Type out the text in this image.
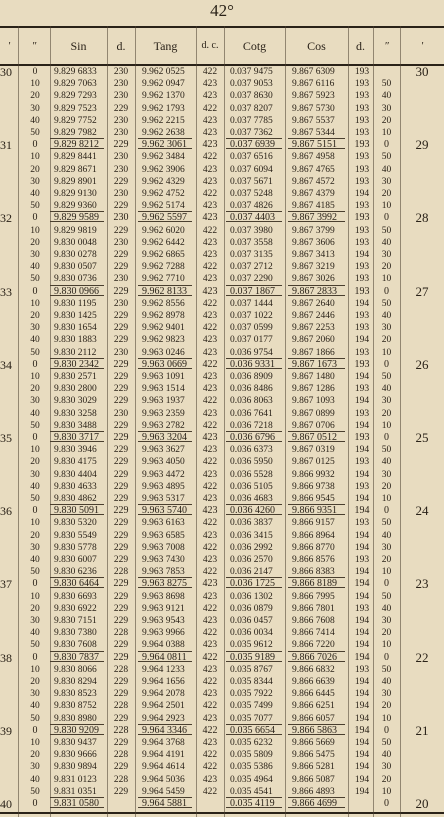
42°
′	″	Sin	d.	Tang	d. c.	Cotg	Cos	d.	″	′
30	0	9.829 6833	230	9.962 0525	422	0.037 9475	9.867 6309	193	30
10	9.829 7063	230	9.962 0947	423	0.037 9053	9.867 6116	193	50
20	9.829 7293	230	9.962 1370	423	0.037 8630	9.867 5923	193	40
30	9.829 7523	229	9.962 1793	422	0.037 8207	9.867 5730	193	30
40	9.829 7752	230	9.962 2215	423	0.037 7785	9.867 5537	193	20
50	9.829 7982	230	9.962 2638	423	0.037 7362	9.867 5344	193	10
31	0	9.829 8212	229	9.962 3061	423	0.037 6939	9.867 5151	193	0	29
10	9.829 8441	230	9.962 3484	422	0.037 6516	9.867 4958	193	50
20	9.829 8671	230	9.962 3906	423	0.037 6094	9.867 4765	193	40
30	9.829 8901	229	9.962 4329	423	0.037 5671	9.867 4572	193	30
40	9.829 9130	230	9.962 4752	422	0.037 5248	9.867 4379	194	20
50	9.829 9360	229	9.962 5174	423	0.037 4826	9.867 4185	193	10
32	0	9.829 9589	230	9.962 5597	423	0.037 4403	9.867 3992	193	0	28
10	9.829 9819	229	9.962 6020	422	0.037 3980	9.867 3799	193	50
20	9.830 0048	230	9.962 6442	423	0.037 3558	9.867 3606	193	40
30	9.830 0278	229	9.962 6865	423	0.037 3135	9.867 3413	194	30
40	9.830 0507	229	9.962 7288	422	0.037 2712	9.867 3219	193	20
50	9.830 0736	230	9.962 7710	423	0.037 2290	9.867 3026	193	10
33	0	9.830 0966	229	9.962 8133	423	0.037 1867	9.867 2833	193	0	27
10	9.830 1195	230	9.962 8556	422	0.037 1444	9.867 2640	194	50
20	9.830 1425	229	9.962 8978	423	0.037 1022	9.867 2446	193	40
30	9.830 1654	229	9.962 9401	422	0.037 0599	9.867 2253	193	30
40	9.830 1883	229	9.962 9823	423	0.037 0177	9.867 2060	194	20
50	9.830 2112	230	9.963 0246	423	0.036 9754	9.867 1866	193	10
34	0	9.830 2342	229	9.963 0669	422	0.036 9331	9.867 1673	193	0	26
10	9.830 2571	229	9.963 1091	423	0.036 8909	9.867 1480	194	50
20	9.830 2800	229	9.963 1514	423	0.036 8486	9.867 1286	193	40
30	9.830 3029	229	9.963 1937	422	0.036 8063	9.867 1093	194	30
40	9.830 3258	230	9.963 2359	423	0.036 7641	9.867 0899	193	20
50	9.830 3488	229	9.963 2782	422	0.036 7218	9.867 0706	194	10
35	0	9.830 3717	229	9.963 3204	423	0.036 6796	9.867 0512	193	0	25
10	9.830 3946	229	9.963 3627	423	0.036 6373	9.867 0319	194	50
20	9.830 4175	229	9.963 4050	422	0.036 5950	9.867 0125	193	40
30	9.830 4404	229	9.963 4472	423	0.036 5528	9.866 9932	194	30
40	9.830 4633	229	9.963 4895	422	0.036 5105	9.866 9738	193	20
50	9.830 4862	229	9.963 5317	423	0.036 4683	9.866 9545	194	10
36	0	9.830 5091	229	9.963 5740	423	0.036 4260	9.866 9351	194	0	24
10	9.830 5320	229	9.963 6163	422	0.036 3837	9.866 9157	193	50
20	9.830 5549	229	9.963 6585	423	0.036 3415	9.866 8964	194	40
30	9.830 5778	229	9.963 7008	422	0.036 2992	9.866 8770	194	30
40	9.830 6007	229	9.963 7430	423	0.036 2570	9.866 8576	193	20
50	9.830 6236	228	9.963 7853	422	0.036 2147	9.866 8383	194	10
37	0	9.830 6464	229	9.963 8275	423	0.036 1725	9.866 8189	194	0	23
10	9.830 6693	229	9.963 8698	423	0.036 1302	9.866 7995	194	50
20	9.830 6922	229	9.963 9121	422	0.036 0879	9.866 7801	193	40
30	9.830 7151	229	9.963 9543	423	0.036 0457	9.866 7608	194	30
40	9.830 7380	228	9.963 9966	422	0.036 0034	9.866 7414	194	20
50	9.830 7608	229	9.964 0388	423	0.035 9612	9.866 7220	194	10
38	0	9.830 7837	229	9.964 0811	422	0.035 9189	9.866 7026	194	0	22
10	9.830 8066	228	9.964 1233	423	0.035 8767	9.866 6832	193	50
20	9.830 8294	229	9.964 1656	422	0.035 8344	9.866 6639	194	40
30	9.830 8523	229	9.964 2078	423	0.035 7922	9.866 6445	194	30
40	9.830 8752	228	9.964 2501	422	0.035 7499	9.866 6251	194	20
50	9.830 8980	229	9.964 2923	423	0.035 7077	9.866 6057	194	10
39	0	9.830 9209	228	9.964 3346	422	0.035 6654	9.866 5863	194	0	21
10	9.830 9437	229	9.964 3768	423	0.035 6232	9.866 5669	194	50
20	9.830 9666	228	9.964 4191	422	0.035 5809	9.866 5475	194	40
30	9.830 9894	229	9.964 4614	422	0.035 5386	9.866 5281	194	30
40	9.831 0123	228	9.964 5036	423	0.035 4964	9.866 5087	194	20
50	9.831 0351	229	9.964 5459	422	0.035 4541	9.866 4893	194	10
40	0	9.831 0580	9.964 5881	0.035 4119	9.866 4699	0	20
